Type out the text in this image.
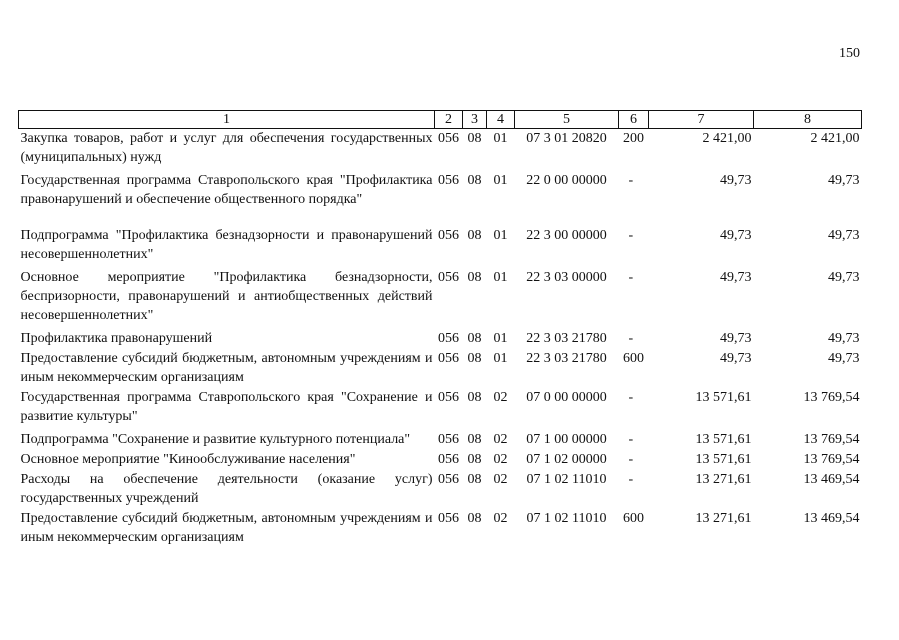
150
1	2	3	4	5	6	7	8
Закупка товаров, работ и услуг для обеспечения государственных (муниципальных) нужд	056	08	01	07 3 01 20820	200	2 421,00	2 421,00
Государственная программа Ставропольского края "Профилактика правонарушений и обеспечение общественного порядка"	056	08	01	22 0 00 00000	-	49,73	49,73
Подпрограмма "Профилактика безнадзорности и правонарушений несовершеннолетних"	056	08	01	22 3 00 00000	-	49,73	49,73
Основное мероприятие "Профилактика безнадзорности, беспризорности, правонарушений и антиобщественных действий несовершеннолетних"	056	08	01	22 3 03 00000	-	49,73	49,73
Профилактика правонарушений	056	08	01	22 3 03 21780	-	49,73	49,73
Предоставление субсидий бюджетным, автономным учреждениям и иным некоммерческим организациям	056	08	01	22 3 03 21780	600	49,73	49,73
Государственная программа Ставропольского края "Сохранение и развитие культуры"	056	08	02	07 0 00 00000	-	13 571,61	13 769,54
Подпрограмма "Сохранение и развитие культурного потенциала"	056	08	02	07 1 00 00000	-	13 571,61	13 769,54
Основное мероприятие "Кинообслуживание населения"	056	08	02	07 1 02 00000	-	13 571,61	13 769,54
Расходы на обеспечение деятельности (оказание услуг) государственных учреждений	056	08	02	07 1 02 11010	-	13 271,61	13 469,54
Предоставление субсидий бюджетным, автономным учреждениям и иным некоммерческим организациям	056	08	02	07 1 02 11010	600	13 271,61	13 469,54
